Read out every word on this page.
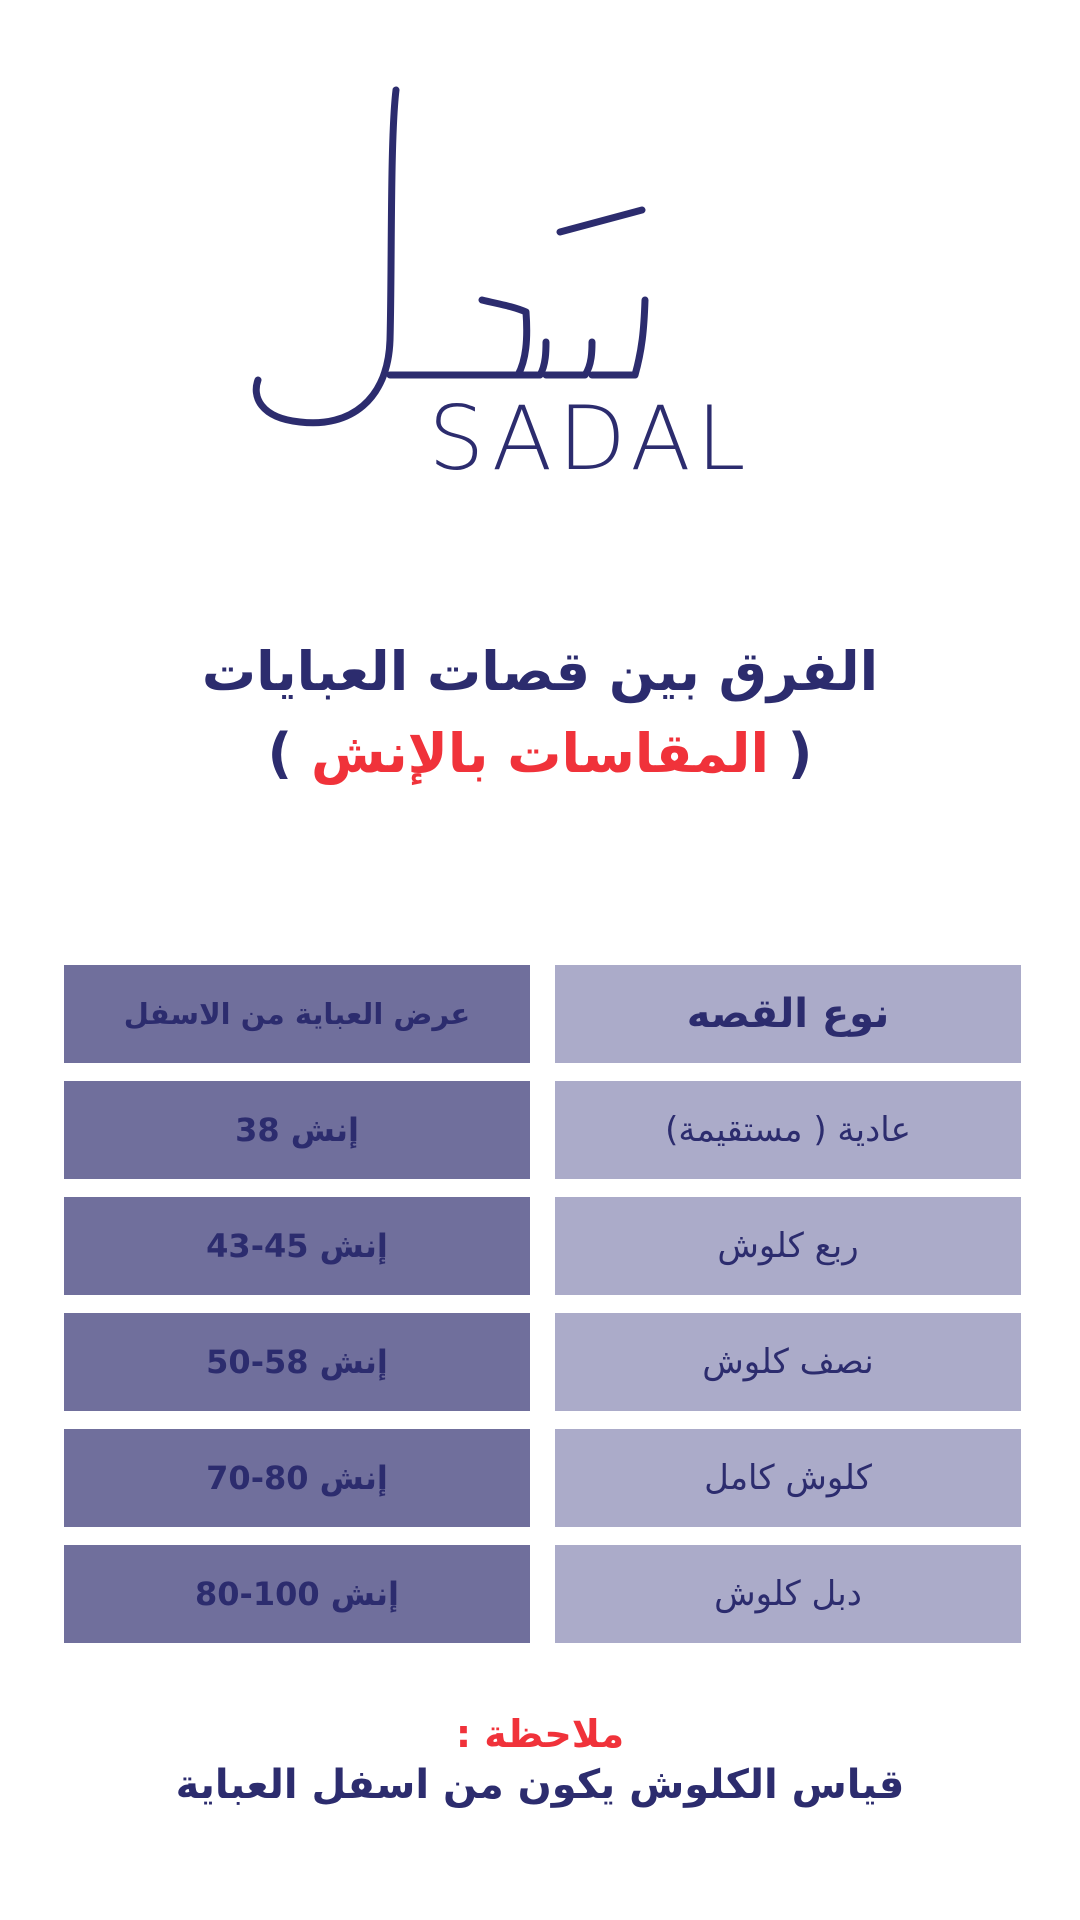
SADAL
الفرق بين قصات العبايات
( المقاسات بالإنش )
نوع القصه
عرض العباية من الاسفل
عادية ( مستقيمة)
إنش 38
ربع كلوش
إنش 45-43
نصف كلوش
إنش 58-50
كلوش كامل
إنش 80-70
دبل كلوش
إنش 100-80
ملاحظة :
قياس الكلوش يكون من اسفل العباية
